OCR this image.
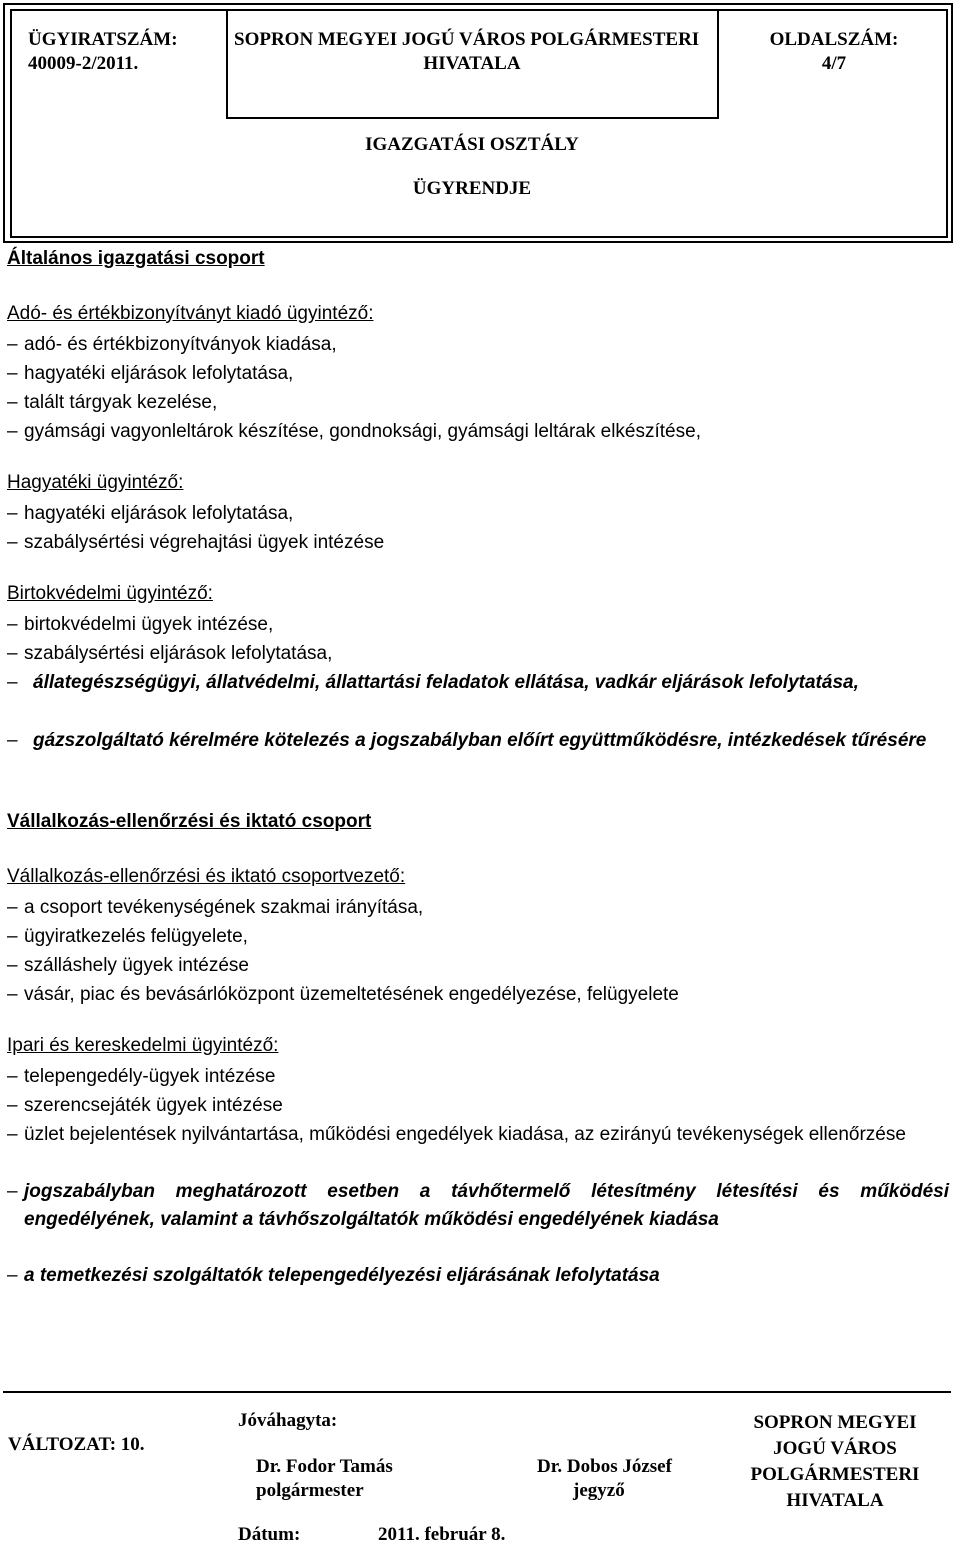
ÜGYIRATSZÁM:
40009-2/2011.
SOPRON MEGYEI JOGÚ VÁROS POLGÁRMESTERI
HIVATALA
OLDALSZÁM:
4/7
IGAZGATÁSI OSZTÁLY
ÜGYRENDJE
Általános igazgatási csoport
Adó- és értékbizonyítványt kiadó ügyintéző:
– adó- és értékbizonyítványok kiadása,
– hagyatéki eljárások lefolytatása,
– talált tárgyak kezelése,
– gyámsági vagyonleltárok készítése, gondnoksági, gyámsági leltárak elkészítése,
Hagyatéki ügyintéző:
– hagyatéki eljárások lefolytatása,
– szabálysértési végrehajtási ügyek intézése
Birtokvédelmi ügyintéző:
– birtokvédelmi ügyek intézése,
– szabálysértési eljárások lefolytatása,
– állategészségügyi, állatvédelmi, állattartási feladatok ellátása, vadkár eljárások lefolytatása,
– gázszolgáltató kérelmére kötelezés a jogszabályban előírt együttműködésre, intézkedések tűrésére
Vállalkozás-ellenőrzési és iktató csoport
Vállalkozás-ellenőrzési és iktató csoportvezető:
– a csoport tevékenységének szakmai irányítása,
– ügyiratkezelés felügyelete,
– szálláshely ügyek intézése
– vásár, piac és bevásárlóközpont üzemeltetésének engedélyezése, felügyelete
Ipari és kereskedelmi ügyintéző:
– telepengedély-ügyek intézése
– szerencsejáték ügyek intézése
– üzlet bejelentések nyilvántartása, működési engedélyek kiadása, az ezirányú tevékenységek ellenőrzése
– jogszabályban meghatározott esetben a távhőtermelő létesítmény létesítési és működési engedélyének, valamint a távhőszolgáltatók működési engedélyének kiadása
– a temetkezési szolgáltatók telepengedélyezési eljárásának lefolytatása
VÁLTOZAT: 10.
Jóváhagyta:
Dr. Fodor Tamás
polgármester
Dr. Dobos József
jegyző
Dátum:	2011. február 8.
SOPRON MEGYEI
JOGÚ VÁROS
POLGÁRMESTERI
HIVATALA
